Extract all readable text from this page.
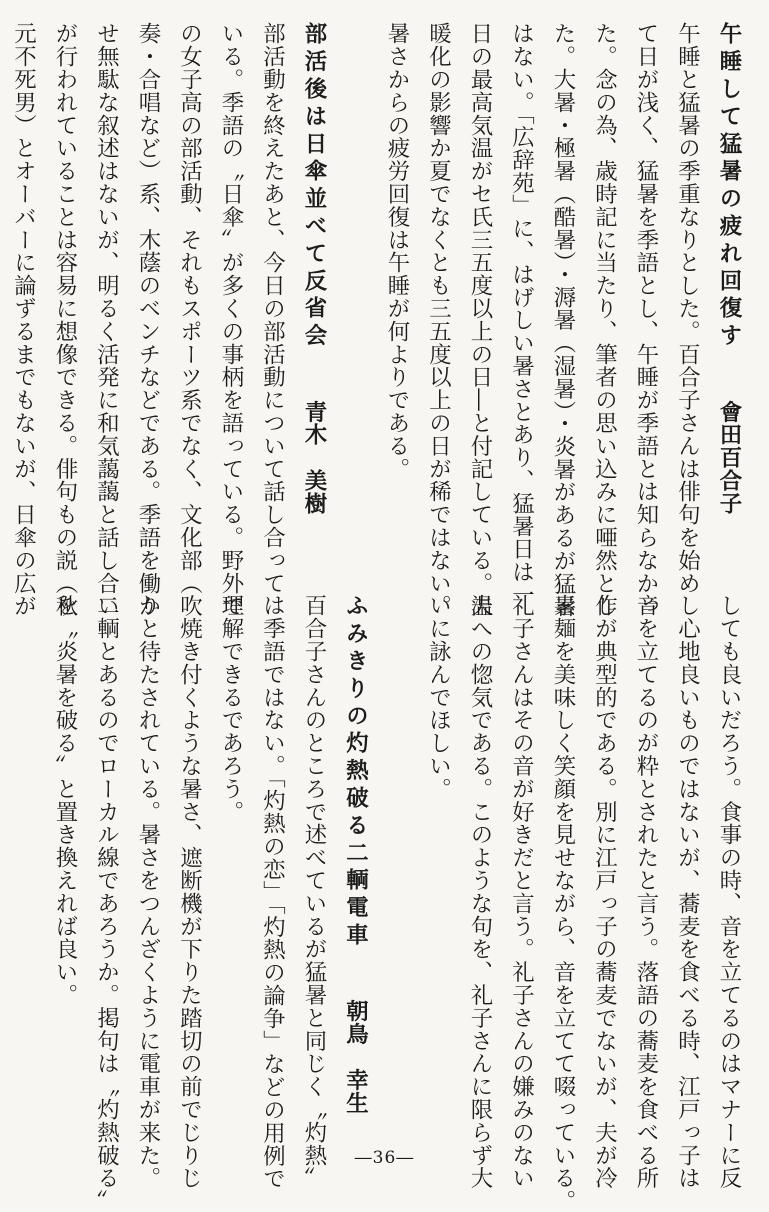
午睡して猛暑の疲れ回復す會田百合子

午睡と猛暑の季重なりとした。百合子さんは俳句を始め

て日が浅く、猛暑を季語とし、午睡が季語とは知らなかっ

た。念の為、歳時記に当たり、筆者の思い込みに唖然とし

た。大暑・極暑（酷暑）・溽暑（湿暑）・炎暑があるが猛暑

はない。「広辞苑」に、はげしい暑さとあり、猛暑日は一

日の最高気温がセ氏三五度以上の日―と付記している。温

暖化の影響か夏でなくとも三五度以上の日が稀ではない。

暑さからの疲労回復は午睡が何よりである。

部活後は日傘並べて反省会青木　美樹

部活動を終えたあと、今日の部活動について話し合って

いる。季語の〝日傘〟が多くの事柄を語っている。野外で

の女子高の部活動、それもスポーツ系でなく、文化部（吹

奏・合唱など）系、木蔭のベンチなどである。季語を働か

せ無駄な叙述はないが、明るく活発に和気藹藹と話し合い

が行われていることは容易に想像できる。俳句もの説（秋

元不死男）とオーバーに論ずるまでもないが、日傘の広が

しても良いだろう。食事の時、音を立てるのはマナーに反

し心地良いものではないが、蕎麦を食べる時、江戸っ子は

音を立てるのが粋とされたと言う。落語の蕎麦を食べる所

作が典型的である。別に江戸っ子の蕎麦でないが、夫が冷

素麺を美味しく笑顔を見せながら、音を立てて啜っている。

礼子さんはその音が好きだと言う。礼子さんの嫌みのない

夫への惚気である。このような句を、礼子さんに限らず大

いに詠んでほしい。

ふみきりの灼熱破る二輌電車朝鳥　幸生

百合子さんのところで述べているが猛暑と同じく〝灼熱〟

は季語ではない。「灼熱の恋」「灼熱の論争」などの用例で

理解できるであろう。

　焼き付くような暑さ、遮断機が下りた踏切の前でじりじ

りと待たされている。暑さをつんざくように電車が来た。

二輌とあるのでローカル線であろうか。掲句は〝灼熱破る〟

を〝炎暑を破る〟と置き換えれば良い。

―36―
